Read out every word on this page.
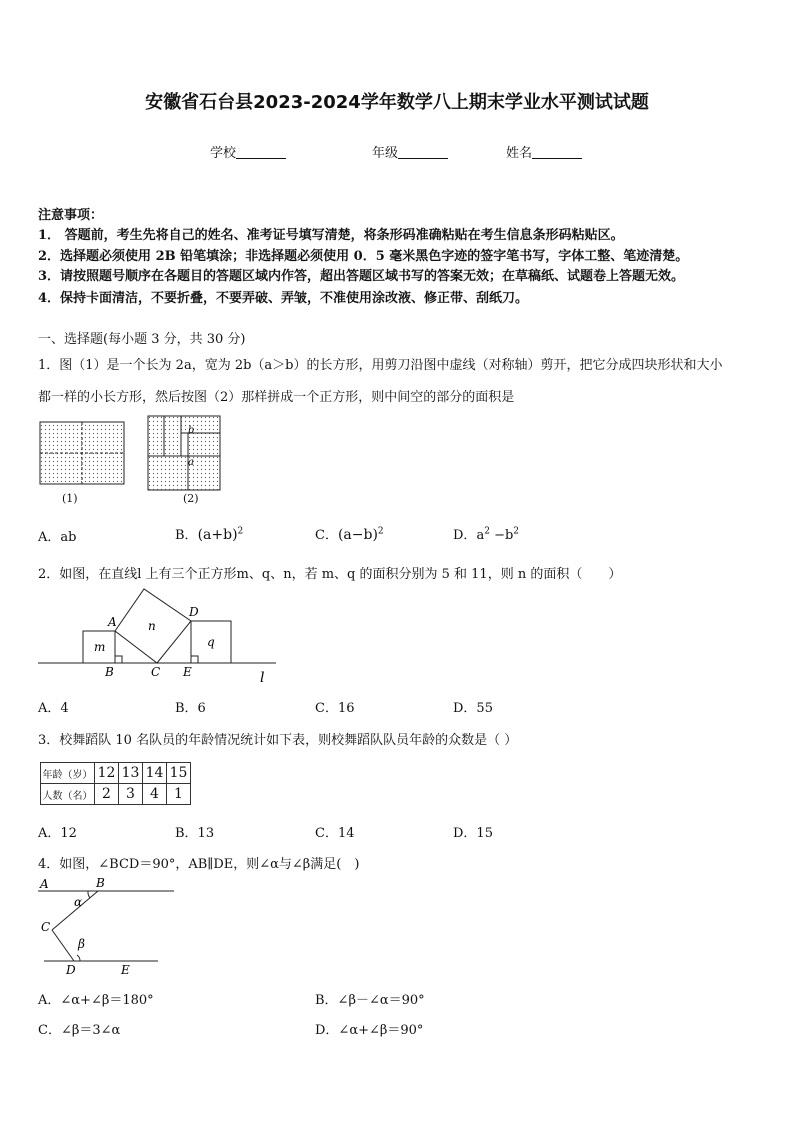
安徽省石台县2023-2024学年数学八上期末学业水平测试试题
学校	年级	姓名
注意事项：
1． 答题前，考生先将自己的姓名、准考证号填写清楚，将条形码准确粘贴在考生信息条形码粘贴区。
2．选择题必须使用 2B 铅笔填涂；非选择题必须使用 0．5 毫米黑色字迹的签字笔书写，字体工整、笔迹清楚。
3．请按照题号顺序在各题目的答题区域内作答，超出答题区域书写的答案无效；在草稿纸、试题卷上答题无效。
4．保持卡面清洁，不要折叠，不要弄破、弄皱，不准使用涂改液、修正带、刮纸刀。
一、选择题(每小题 3 分，共 30 分)
1．图（1）是一个长为 2a，宽为 2b（a＞b）的长方形，用剪刀沿图中虚线（对称轴）剪开，把它分成四块形状和大小
都一样的小长方形，然后按图（2）那样拼成一个正方形，则中间空的部分的面积是
b
a
(1)	(2)
A．ab	B．$(a+b)^2$	C．$(a-b)^2$	D．$a^2 -b^2$
2．如图，在直线l 上有三个正方形m、q、n，若 m、q 的面积分别为 5 和 11，则 n 的面积（　　）
A
B	C
D
E
m
n
q
l
A．4	B．6	C．16	D．55
3．校舞蹈队 10 名队员的年龄情况统计如下表，则校舞蹈队队员年龄的众数是（ ）
年龄（岁）	12	13	14	15
人数（名）	2	3	4	1
A．12	B．13	C．14	D．15
4．如图，∠BCD＝90°，AB∥DE，则∠α与∠β满足(　)
A	B
C
D	E
α
β
A．∠α+∠β＝180°	B．∠β－∠α＝90°
C．∠β＝3∠α	D．∠α+∠β＝90°
